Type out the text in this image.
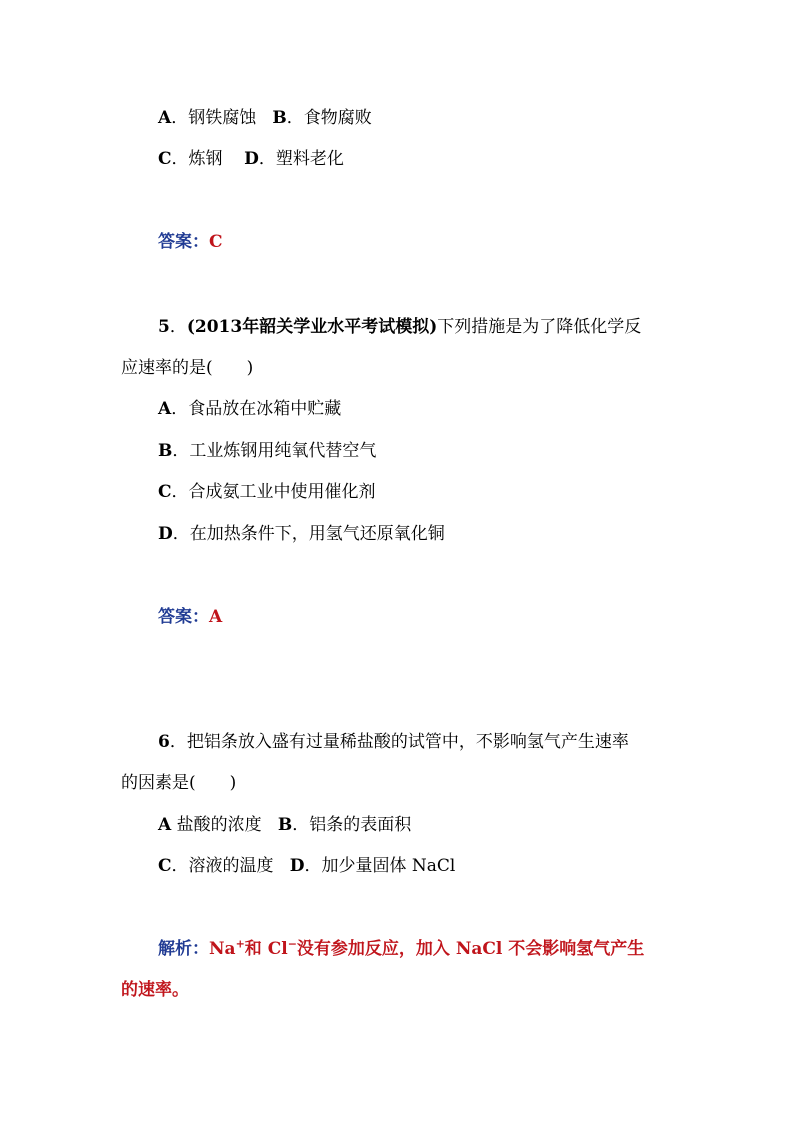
A．钢铁腐蚀 B．食物腐败
C．炼钢 D．塑料老化
答案：C
5．(2013年韶关学业水平考试模拟)下列措施是为了降低化学反
应速率的是(　　)
A．食品放在冰箱中贮藏
B．工业炼钢用纯氧代替空气
C．合成氨工业中使用催化剂
D．在加热条件下，用氢气还原氧化铜
答案：A
6．把铝条放入盛有过量稀盐酸的试管中，不影响氢气产生速率
的因素是(　　)
A 盐酸的浓度 B．铝条的表面积
C．溶液的温度 D．加少量固体 NaCl
解析：Na+和 Cl−没有参加反应，加入 NaCl 不会影响氢气产生
的速率。
